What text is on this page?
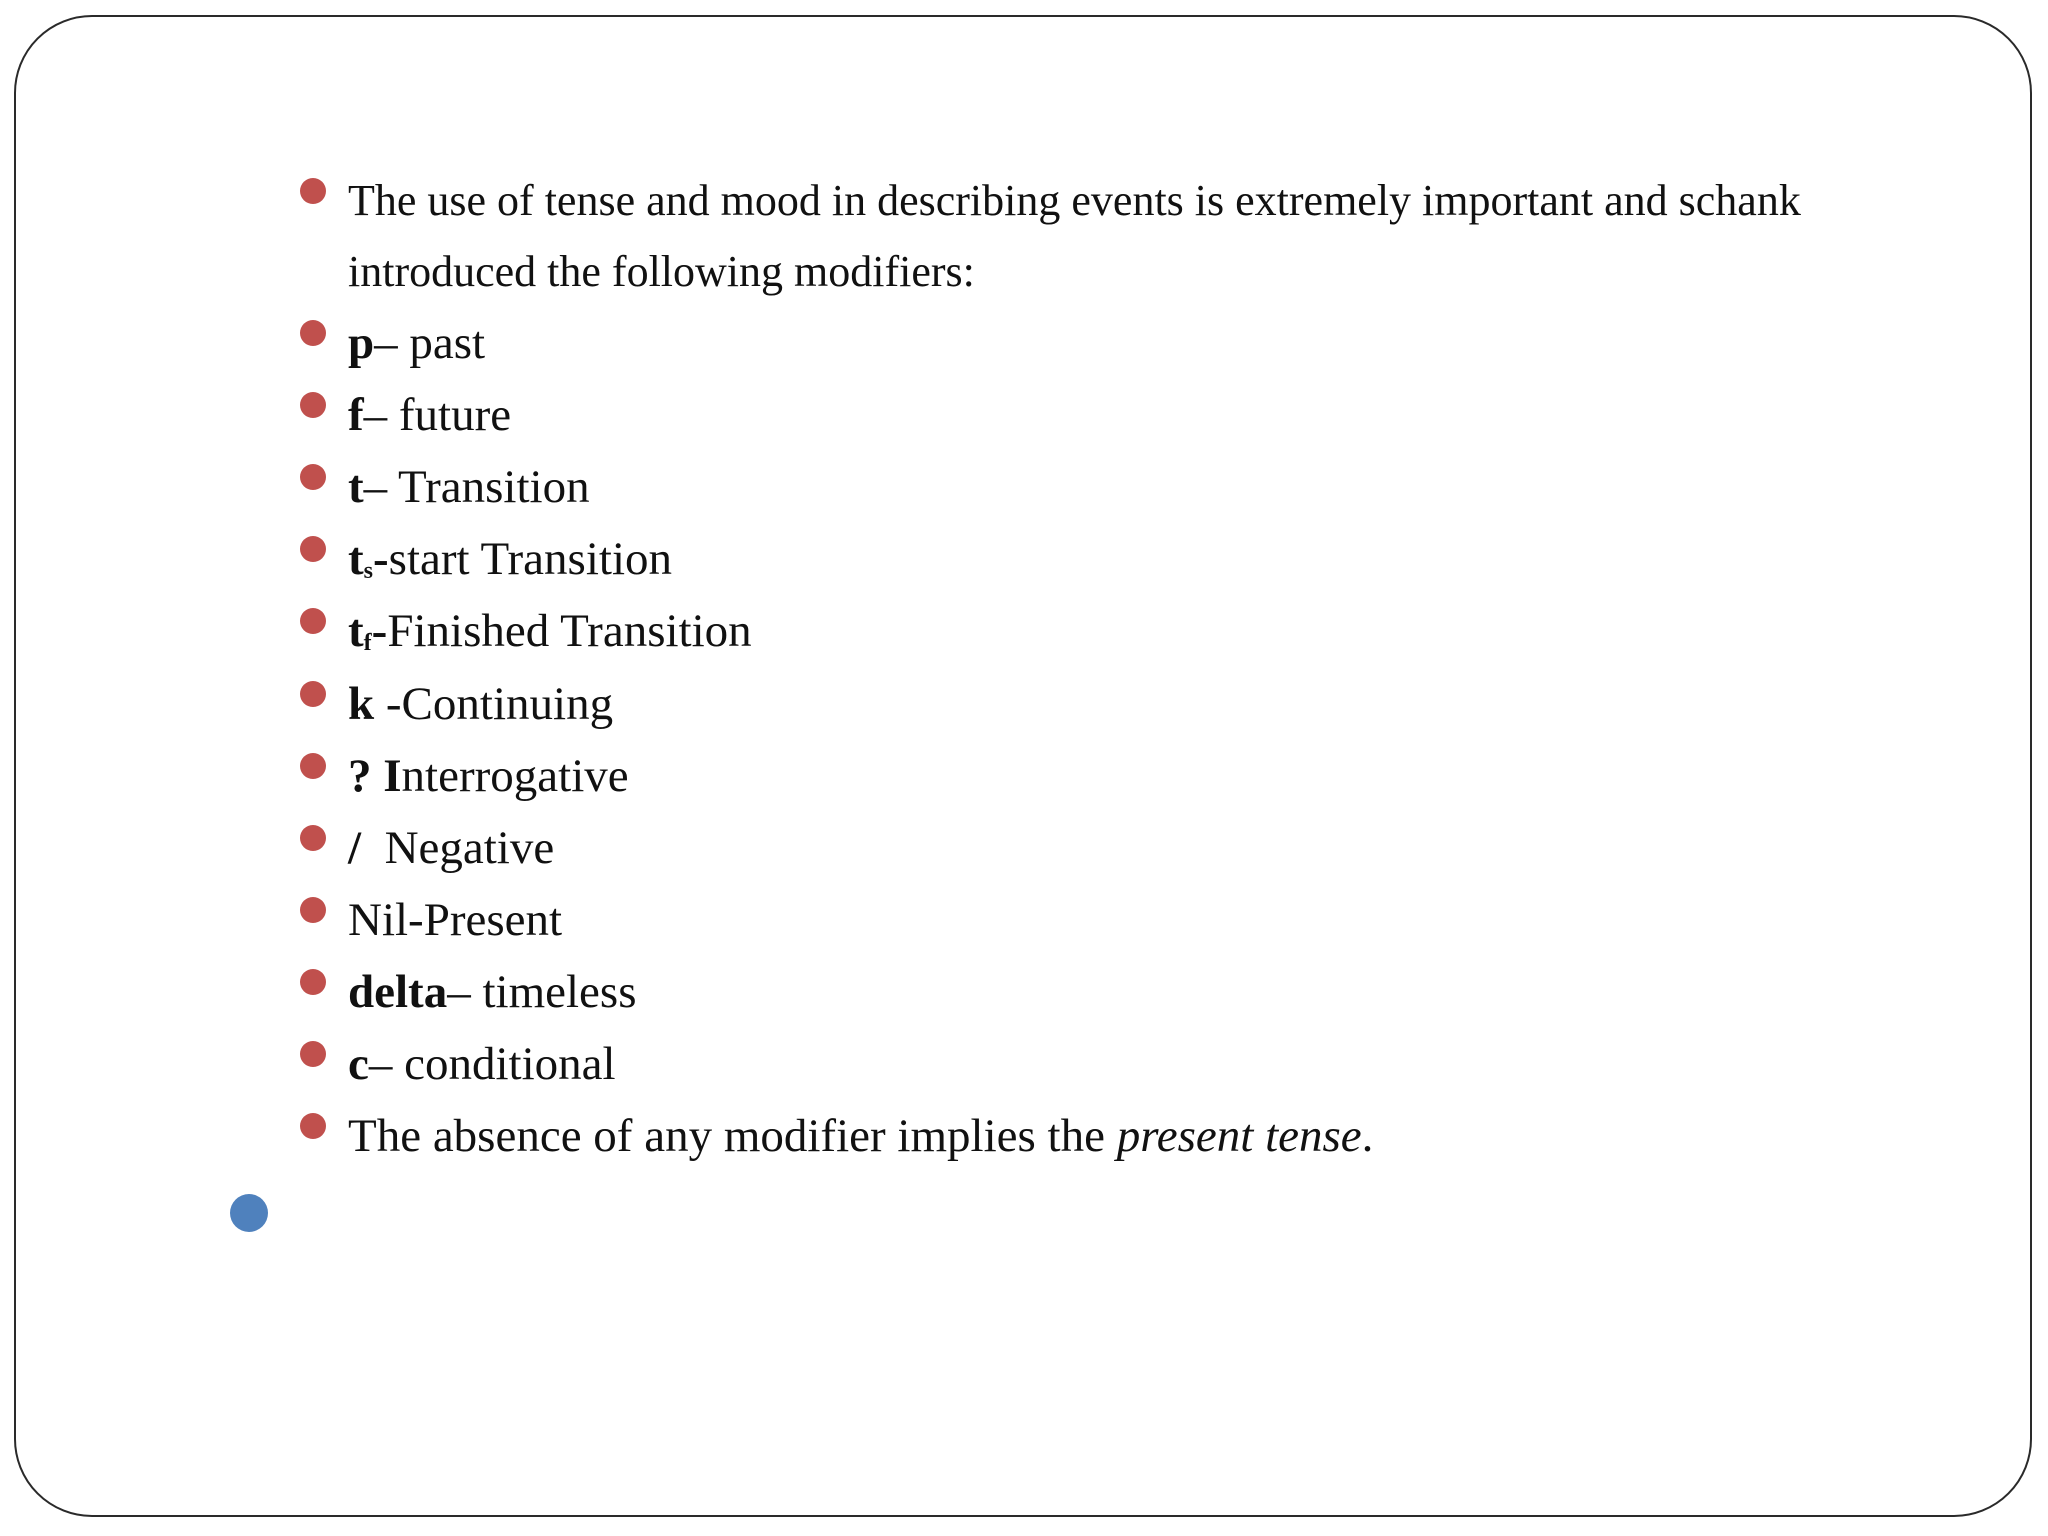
The use of tense and mood in describing events is extremely important and schank
introduced the following modifiers:
p– past
f– future
t– Transition
ts-start Transition
tf-Finished Transition
k -Continuing
? Interrogative
/  Negative
Nil-Present
delta– timeless
c– conditional
The absence of any modifier implies the present tense.
